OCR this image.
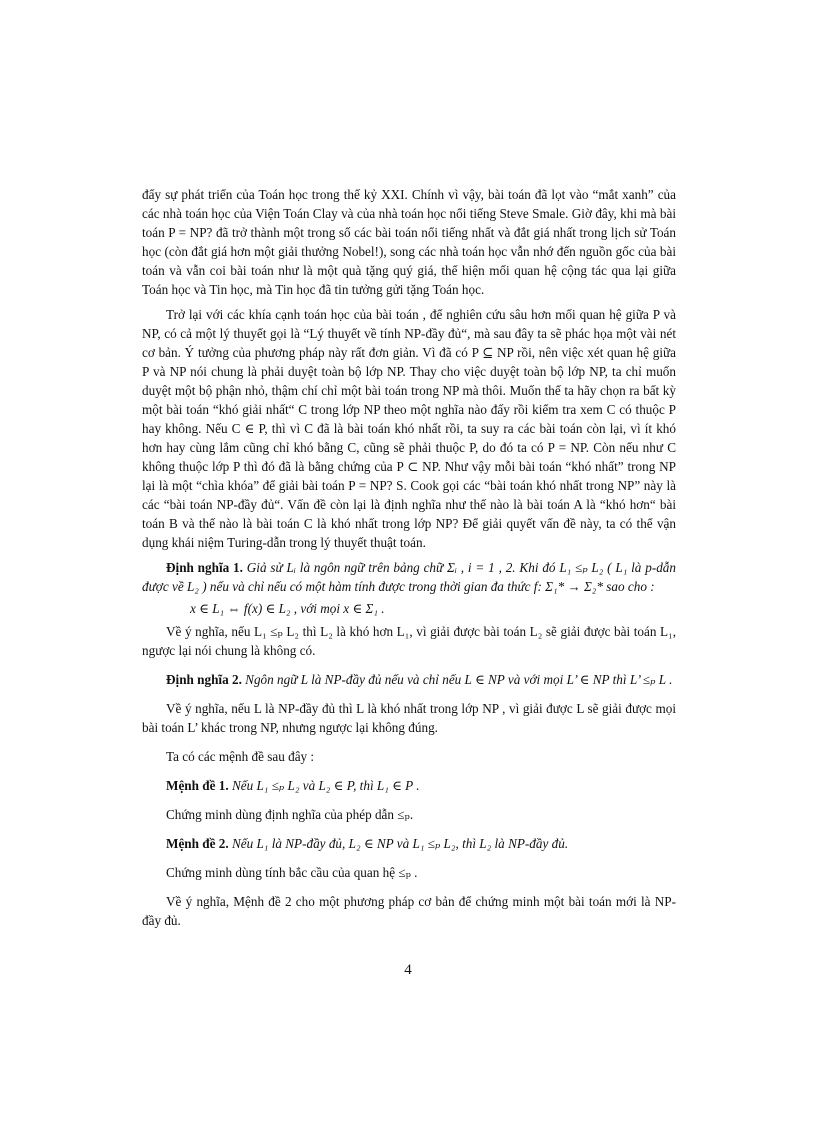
đẩy sự phát triển của Toán học trong thế kỷ XXI. Chính vì vậy, bài toán đã lọt vào “mắt xanh” của các nhà toán học của Viện Toán Clay và của nhà toán học nổi tiếng Steve Smale. Giờ đây, khi mà bài toán P = NP? đã trở thành một trong số các bài toán nổi tiếng nhất và đắt giá nhất trong lịch sử Toán học (còn đắt giá hơn một giải thưởng Nobel!), song các nhà toán học vẫn nhớ đến nguồn gốc của bài toán và vẫn coi bài toán như là một quà tặng quý giá, thể hiện mối quan hệ cộng tác qua lại giữa Toán học và Tin học, mà Tin học đã tin tưởng gửi tặng Toán học.

Trở lại với các khía cạnh toán học của bài toán , để nghiên cứu sâu hơn mối quan hệ giữa P và NP, có cả một lý thuyết gọi là “Lý thuyết về tính NP-đầy đủ“, mà sau đây ta sẽ phác họa một vài nét cơ bản. Ý tưởng của phương pháp này rất đơn giản. Vì đã có P ⊆ NP rồi, nên việc xét quan hệ giữa P và NP nói chung là phải duyệt toàn bộ lớp NP. Thay cho việc duyệt toàn bộ lớp NP, ta chỉ muốn duyệt một bộ phận nhỏ, thậm chí chỉ một bài toán trong NP mà thôi. Muốn thế ta hãy chọn ra bất kỳ một bài toán “khó giải nhất“ C trong lớp NP theo một nghĩa nào đấy rồi kiểm tra xem C có thuộc P hay không. Nếu C ∈ P, thì vì C đã là bài toán khó nhất rồi, ta suy ra các bài toán còn lại, vì ít khó hơn hay cùng lắm cũng chỉ khó bằng C, cũng sẽ phải thuộc P, do đó ta có P = NP. Còn nếu như C không thuộc lớp P thì đó đã là bằng chứng của P ⊂ NP. Như vậy mỗi bài toán “khó nhất” trong NP lại là một “chìa khóa” để giải bài toán P = NP? S. Cook gọi các “bài toán khó nhất trong NP” này là các “bài toán NP-đầy đủ“. Vấn đề còn lại là định nghĩa như thế nào là bài toán A là “khó hơn“ bài toán B và thế nào là bài toán C là khó nhất trong lớp NP? Để giải quyết vấn đề này, ta có thể vận dụng khái niệm Turing-dẫn trong lý thuyết thuật toán.

Định nghĩa 1. Giả sử Lᵢ là ngôn ngữ trên bảng chữ Σᵢ , i = 1 , 2. Khi đó L₁ ≤ₚ L₂ ( L₁ là p-dẫn được về L₂ ) nếu và chỉ nếu có một hàm tính được trong thời gian đa thức f: Σ₁* → Σ₂* sao cho :

x ∈ L₁ ⇔ f(x) ∈ L₂ , với mọi x ∈ Σ₁ .

Về ý nghĩa, nếu L₁ ≤ₚ L₂ thì L₂ là khó hơn L₁, vì giải được bài toán L₂ sẽ giải được bài toán L₁, ngược lại nói chung là không có.

Định nghĩa 2. Ngôn ngữ L là NP-đầy đủ nếu và chỉ nếu L ∈ NP và với mọi L’ ∈ NP thì L’ ≤ₚ L .

Về ý nghĩa, nếu L là NP-đầy đủ thì L là khó nhất trong lớp NP , vì giải được L sẽ giải được mọi bài toán L’ khác trong NP, nhưng ngược lại không đúng.

Ta có các mệnh đề sau đây :

Mệnh đề 1. Nếu L₁ ≤ₚ L₂ và L₂ ∈ P, thì L₁ ∈ P .

Chứng minh dùng định nghĩa của phép dẫn ≤ₚ.

Mệnh đề 2. Nếu L₁ là NP-đầy đủ, L₂ ∈ NP và L₁ ≤ₚ L₂, thì L₂ là NP-đầy đủ.

Chứng minh dùng tính bắc cầu của quan hệ ≤ₚ .

Về ý nghĩa, Mệnh đề 2 cho một phương pháp cơ bản để chứng minh một bài toán mới là NP-đầy đủ.

4
